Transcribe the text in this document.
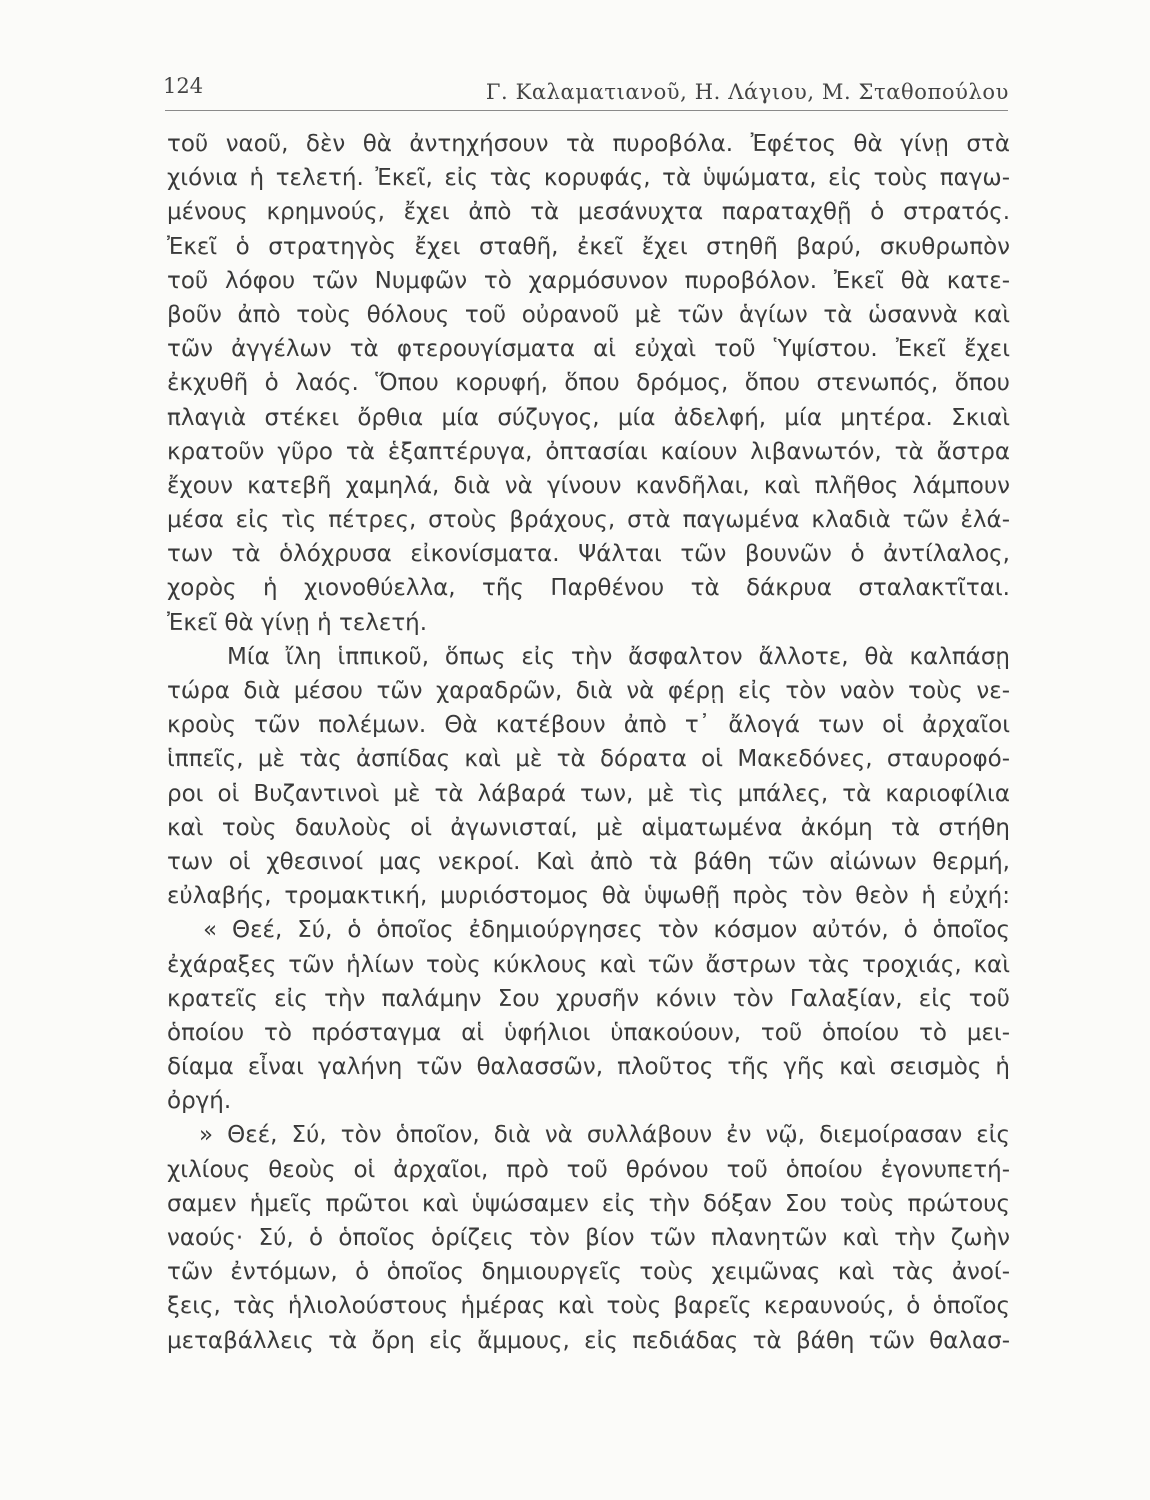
124	Γ. Καλαματιανοῦ, Η. Λάγιου, Μ. Σταθοπούλου
τοῦ ναοῦ, δὲν θὰ ἀντηχήσουν τὰ πυροβόλα. Ἐφέτος θὰ γίνῃ στὰ
χιόνια ἡ τελετή. Ἐκεῖ, εἰς τὰς κορυφάς, τὰ ὑψώματα, εἰς τοὺς παγω-
μένους κρημνούς, ἔχει ἀπὸ τὰ μεσάνυχτα παραταχθῇ ὁ στρατός.
Ἐκεῖ ὁ στρατηγὸς ἔχει σταθῆ, ἐκεῖ ἔχει στηθῆ βαρύ, σκυθρωπὸν
τοῦ λόφου τῶν Νυμφῶν τὸ χαρμόσυνον πυροβόλον. Ἐκεῖ θὰ κατε-
βοῦν ἀπὸ τοὺς θόλους τοῦ οὐρανοῦ μὲ τῶν ἁγίων τὰ ὡσαννὰ καὶ
τῶν ἀγγέλων τὰ φτερουγίσματα αἱ εὐχαὶ τοῦ Ὑψίστου. Ἐκεῖ ἔχει
ἐκχυθῆ ὁ λαός. Ὅπου κορυφή, ὅπου δρόμος, ὅπου στενωπός, ὅπου
πλαγιὰ στέκει ὄρθια μία σύζυγος, μία ἀδελφή, μία μητέρα. Σκιαὶ
κρατοῦν γῦρο τὰ ἑξαπτέρυγα, ὀπτασίαι καίουν λιβανωτόν, τὰ ἄστρα
ἔχουν κατεβῆ χαμηλά, διὰ νὰ γίνουν κανδῆλαι, καὶ πλῆθος λάμπουν
μέσα εἰς τὶς πέτρες, στοὺς βράχους, στὰ παγωμένα κλαδιὰ τῶν ἐλά-
των τὰ ὁλόχρυσα εἰκονίσματα. Ψάλται τῶν βουνῶν ὁ ἀντίλαλος,
χορὸς ἡ χιονοθύελλα, τῆς Παρθένου τὰ δάκρυα σταλακτῖται.
Ἐκεῖ θὰ γίνῃ ἡ τελετή.
Μία ἴλη ἱππικοῦ, ὅπως εἰς τὴν ἄσφαλτον ἄλλοτε, θὰ καλπάσῃ
τώρα διὰ μέσου τῶν χαραδρῶν, διὰ νὰ φέρῃ εἰς τὸν ναὸν τοὺς νε-
κροὺς τῶν πολέμων. Θὰ κατέβουν ἀπὸ τ᾿ ἄλογά των οἱ ἀρχαῖοι
ἱππεῖς, μὲ τὰς ἀσπίδας καὶ μὲ τὰ δόρατα οἱ Μακεδόνες, σταυροφό-
ροι οἱ Βυζαντινοὶ μὲ τὰ λάβαρά των, μὲ τὶς μπάλες, τὰ καριοφίλια
καὶ τοὺς δαυλοὺς οἱ ἀγωνισταί, μὲ αἱματωμένα ἀκόμη τὰ στήθη
των οἱ χθεσινοί μας νεκροί. Καὶ ἀπὸ τὰ βάθη τῶν αἰώνων θερμή,
εὐλαβής, τρομακτική, μυριόστομος θὰ ὑψωθῇ πρὸς τὸν θεὸν ἡ εὐχή:
« Θεέ, Σύ, ὁ ὁποῖος ἐδημιούργησες τὸν κόσμον αὐτόν, ὁ ὁποῖος
ἐχάραξες τῶν ἡλίων τοὺς κύκλους καὶ τῶν ἄστρων τὰς τροχιάς, καὶ
κρατεῖς εἰς τὴν παλάμην Σου χρυσῆν κόνιν τὸν Γαλαξίαν, εἰς τοῦ
ὁποίου τὸ πρόσταγμα αἱ ὑφήλιοι ὑπακούουν, τοῦ ὁποίου τὸ μει-
δίαμα εἶναι γαλήνη τῶν θαλασσῶν, πλοῦτος τῆς γῆς καὶ σεισμὸς ἡ
ὀργή.
» Θεέ, Σύ, τὸν ὁποῖον, διὰ νὰ συλλάβουν ἐν νῷ, διεμοίρασαν εἰς
χιλίους θεοὺς οἱ ἀρχαῖοι, πρὸ τοῦ θρόνου τοῦ ὁποίου ἐγονυπετή-
σαμεν ἡμεῖς πρῶτοι καὶ ὑψώσαμεν εἰς τὴν δόξαν Σου τοὺς πρώτους
ναούς· Σύ, ὁ ὁποῖος ὁρίζεις τὸν βίον τῶν πλανητῶν καὶ τὴν ζωὴν
τῶν ἐντόμων, ὁ ὁποῖος δημιουργεῖς τοὺς χειμῶνας καὶ τὰς ἀνοί-
ξεις, τὰς ἡλιολούστους ἡμέρας καὶ τοὺς βαρεῖς κεραυνούς, ὁ ὁποῖος
μεταβάλλεις τὰ ὄρη εἰς ἄμμους, εἰς πεδιάδας τὰ βάθη τῶν θαλασ-
